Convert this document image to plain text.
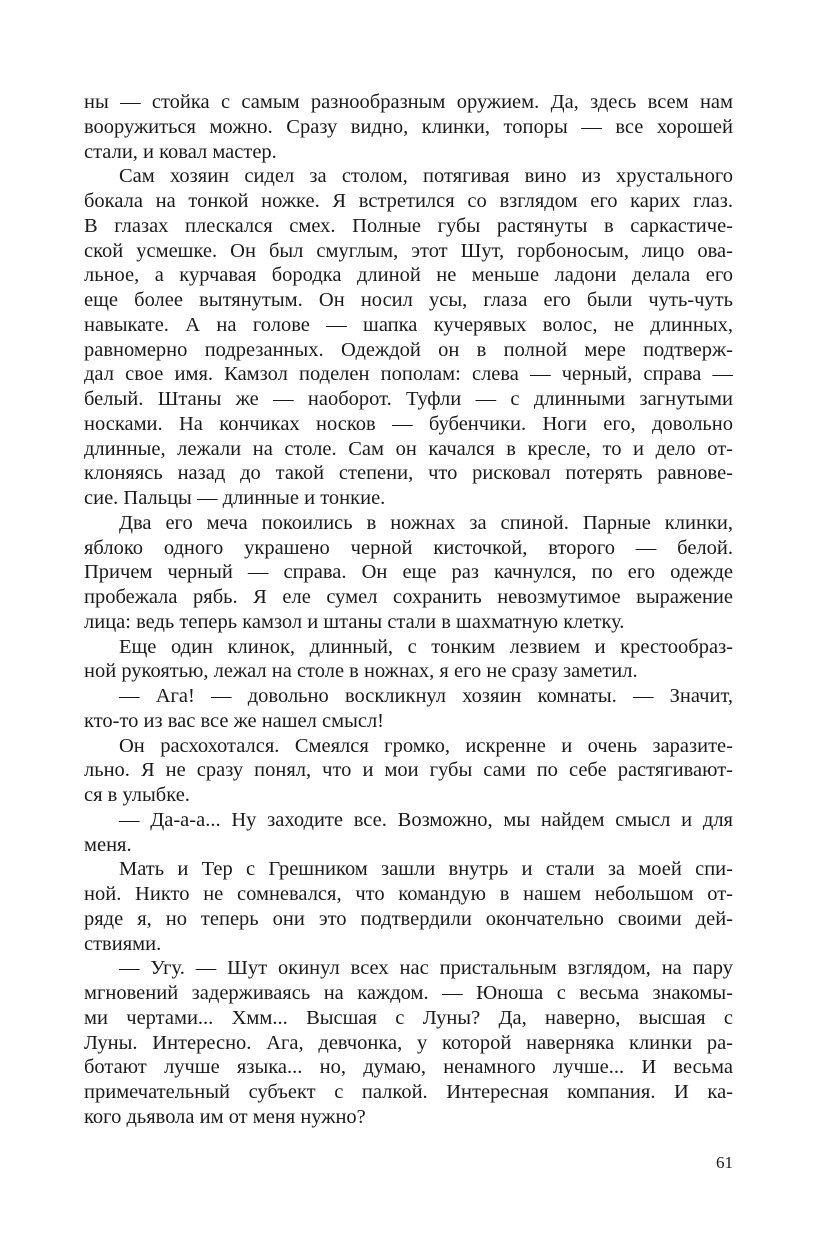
ны — стойка с самым разнообразным оружием. Да, здесь всем нам
вооружиться можно. Сразу видно, клинки, топоры — все хорошей
стали, и ковал мастер.
Сам хозяин сидел за столом, потягивая вино из хрустального
бокала на тонкой ножке. Я встретился со взглядом его карих глаз.
В глазах плескался смех. Полные губы растянуты в саркастиче-
ской усмешке. Он был смуглым, этот Шут, горбоносым, лицо ова-
льное, а курчавая бородка длиной не меньше ладони делала его
еще более вытянутым. Он носил усы, глаза его были чуть-чуть
навыкате. А на голове — шапка кучерявых волос, не длинных,
равномерно подрезанных. Одеждой он в полной мере подтверж-
дал свое имя. Камзол поделен пополам: слева — черный, справа —
белый. Штаны же — наоборот. Туфли — с длинными загнутыми
носками. На кончиках носков — бубенчики. Ноги его, довольно
длинные, лежали на столе. Сам он качался в кресле, то и дело от-
клоняясь назад до такой степени, что рисковал потерять равнове-
сие. Пальцы — длинные и тонкие.
Два его меча покоились в ножнах за спиной. Парные клинки,
яблоко одного украшено черной кисточкой, второго — белой.
Причем черный — справа. Он еще раз качнулся, по его одежде
пробежала рябь. Я еле сумел сохранить невозмутимое выражение
лица: ведь теперь камзол и штаны стали в шахматную клетку.
Еще один клинок, длинный, с тонким лезвием и крестообраз-
ной рукоятью, лежал на столе в ножнах, я его не сразу заметил.
— Ага! — довольно воскликнул хозяин комнаты. — Значит,
кто-то из вас все же нашел смысл!
Он расхохотался. Смеялся громко, искренне и очень заразите-
льно. Я не сразу понял, что и мои губы сами по себе растягивают-
ся в улыбке.
— Да-а-а... Ну заходите все. Возможно, мы найдем смысл и для
меня.
Мать и Тер с Грешником зашли внутрь и стали за моей спи-
ной. Никто не сомневался, что командую в нашем небольшом от-
ряде я, но теперь они это подтвердили окончательно своими дей-
ствиями.
— Угу. — Шут окинул всех нас пристальным взглядом, на пару
мгновений задерживаясь на каждом. — Юноша с весьма знакомы-
ми чертами... Хмм... Высшая с Луны? Да, наверно, высшая с
Луны. Интересно. Ага, девчонка, у которой наверняка клинки ра-
ботают лучше языка... но, думаю, ненамного лучше... И весьма
примечательный субъект с палкой. Интересная компания. И ка-
кого дьявола им от меня нужно?
61
